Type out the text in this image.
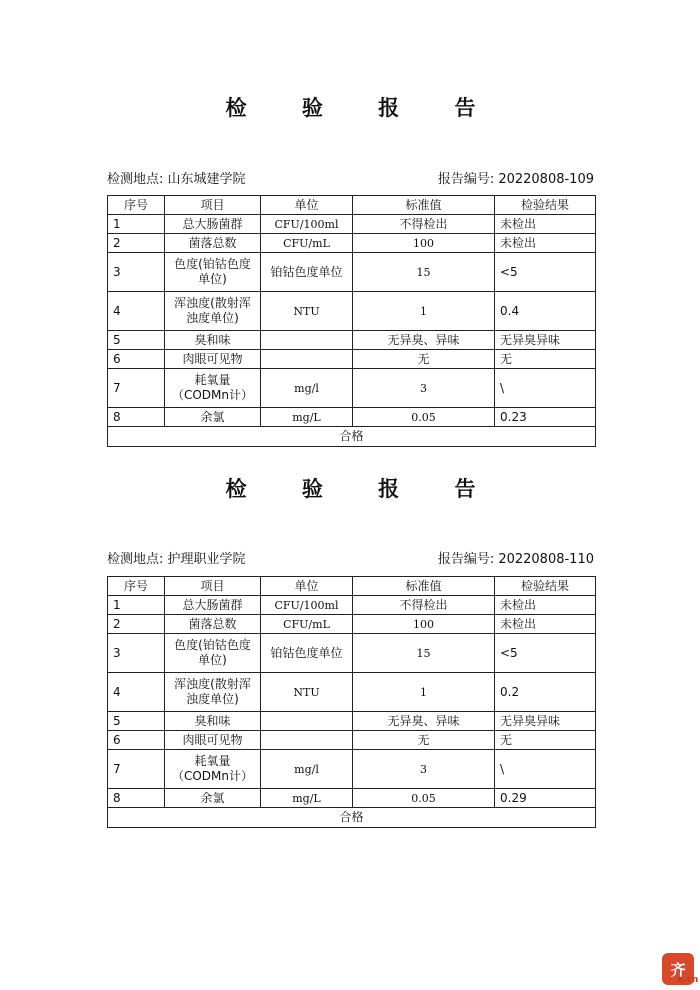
检 验 报 告
检测地点: 山东城建学院	报告编号: 20220808-109
序号	项目	单位	标准值	检验结果
1	总大肠菌群	CFU/100ml	不得检出	未检出
2	菌落总数	CFU/mL	100	未检出
3	色度(铂钴色度单位)	铂钴色度单位	15	<5
4	浑浊度(散射浑浊度单位)	NTU	1	0.4
5	臭和味		无异臭、异味	无异臭异味
6	肉眼可见物		无	无
7	耗氧量（CODMn计）	mg/l	3	\
8	余氯	mg/L	0.05	0.23
合格				
检 验 报 告
检测地点: 护理职业学院	报告编号: 20220808-110
序号	项目	单位	标准值	检验结果
1	总大肠菌群	CFU/100ml	不得检出	未检出
2	菌落总数	CFU/mL	100	未检出
3	色度(铂钴色度单位)	铂钴色度单位	15	<5
4	浑浊度(散射浑浊度单位)	NTU	1	0.2
5	臭和味		无异臭、异味	无异臭异味
6	肉眼可见物		无	无
7	耗氧量（CODMn计）	mg/l	3	\
8	余氯	mg/L	0.05	0.29
合格				
齐
e.cn
